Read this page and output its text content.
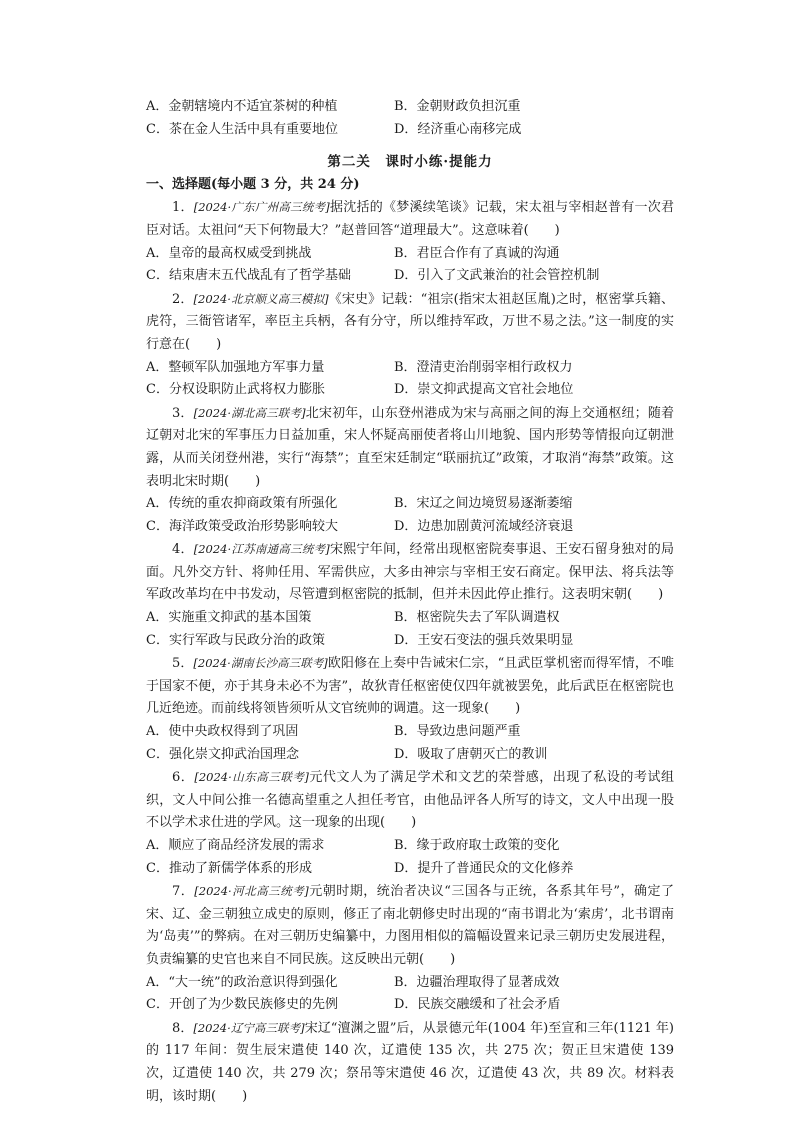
A．金朝辖境内不适宜茶树的种植	B．金朝财政负担沉重
C．茶在金人生活中具有重要地位	D．经济重心南移完成
第二关　课时小练·提能力
一、选择题(每小题 3 分，共 24 分)
1．[2024·广东广州高三统考]据沈括的《梦溪续笔谈》记载，宋太祖与宰相赵普有一次君臣对话。太祖问“天下何物最大？”赵普回答“道理最大”。这意味着(　　)
A．皇帝的最高权威受到挑战	B．君臣合作有了真诚的沟通
C．结束唐末五代战乱有了哲学基础	D．引入了文武兼治的社会管控机制
2．[2024·北京顺义高三模拟]《宋史》记载：“祖宗(指宋太祖赵匡胤)之时，枢密掌兵籍、虎符，三衙管诸军，率臣主兵柄，各有分守，所以维持军政，万世不易之法。”这一制度的实行意在(　　)
A．整顿军队加强地方军事力量	B．澄清吏治削弱宰相行政权力
C．分权设职防止武将权力膨胀	D．崇文抑武提高文官社会地位
3．[2024·湖北高三联考]北宋初年，山东登州港成为宋与高丽之间的海上交通枢纽；随着辽朝对北宋的军事压力日益加重，宋人怀疑高丽使者将山川地貌、国内形势等情报向辽朝泄露，从而关闭登州港，实行“海禁”；直至宋廷制定“联丽抗辽”政策，才取消“海禁”政策。这表明北宋时期(　　)
A．传统的重农抑商政策有所强化	B．宋辽之间边境贸易逐渐萎缩
C．海洋政策受政治形势影响较大	D．边患加剧黄河流域经济衰退
4．[2024·江苏南通高三统考]宋熙宁年间，经常出现枢密院奏事退、王安石留身独对的局面。凡外交方针、将帅任用、军需供应，大多由神宗与宰相王安石商定。保甲法、将兵法等军政改革均在中书发动，尽管遭到枢密院的抵制，但并未因此停止推行。这表明宋朝(　　)
A．实施重文抑武的基本国策	B．枢密院失去了军队调遣权
C．实行军政与民政分治的政策	D．王安石变法的强兵效果明显
5．[2024·湖南长沙高三联考]欧阳修在上奏中告诫宋仁宗，“且武臣掌机密而得军情，不唯于国家不便，亦于其身未必不为害”，故狄青任枢密使仅四年就被罢免，此后武臣在枢密院也几近绝迹。而前线将领皆须听从文官统帅的调遣。这一现象(　　)
A．使中央政权得到了巩固	B．导致边患问题严重
C．强化崇文抑武治国理念	D．吸取了唐朝灭亡的教训
6．[2024·山东高三联考]元代文人为了满足学术和文艺的荣誉感，出现了私设的考试组织，文人中间公推一名德高望重之人担任考官，由他品评各人所写的诗文，文人中出现一股不以学术求仕进的学风。这一现象的出现(　　)
A．顺应了商品经济发展的需求	B．缘于政府取士政策的变化
C．推动了新儒学体系的形成	D．提升了普通民众的文化修养
7．[2024·河北高三统考]元朝时期，统治者决议“三国各与正统，各系其年号”，确定了宋、辽、金三朝独立成史的原则，修正了南北朝修史时出现的“南书谓北为‘索虏’，北书谓南为‘岛夷’”的弊病。在对三朝历史编纂中，力图用相似的篇幅设置来记录三朝历史发展进程，负责编纂的史官也来自不同民族。这反映出元朝(　　)
A．“大一统”的政治意识得到强化	B．边疆治理取得了显著成效
C．开创了为少数民族修史的先例	D．民族交融缓和了社会矛盾
8．[2024·辽宁高三联考]宋辽“澶渊之盟”后，从景德元年(1004 年)至宣和三年(1121 年)的 117 年间：贺生辰宋遣使 140 次，辽遣使 135 次，共 275 次；贺正旦宋遣使 139 次，辽遣使 140 次，共 279 次；祭吊等宋遣使 46 次，辽遣使 43 次，共 89 次。材料表明，该时期(　　)
